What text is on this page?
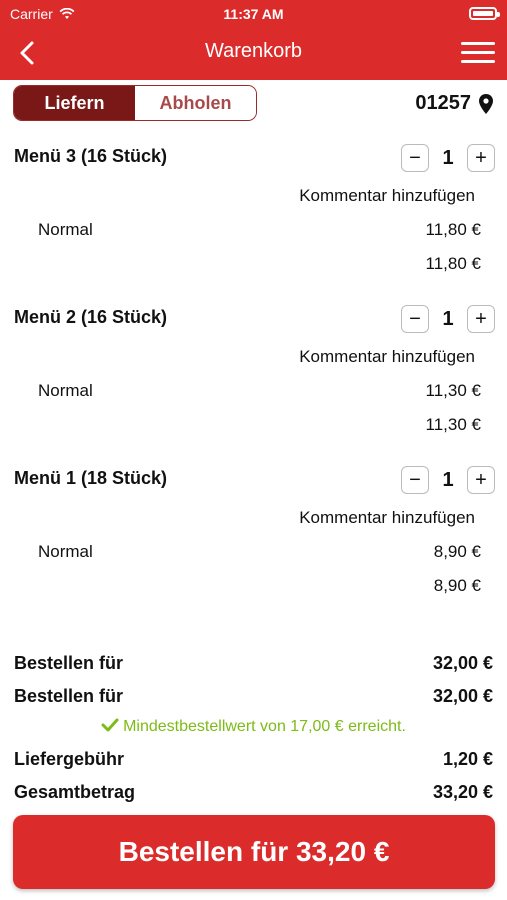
Carrier	11:37 AM
Warenkorb
Liefern	Abholen	01257
Menü 3 (16 Stück)	−	1	+
Kommentar hinzufügen
Normal	11,80 €
11,80 €
Menü 2 (16 Stück)	−	1	+
Kommentar hinzufügen
Normal	11,30 €
11,30 €
Menü 1 (18 Stück)	−	1	+
Kommentar hinzufügen
Normal	8,90 €
8,90 €
Bestellen für	32,00 €
Bestellen für	32,00 €
Mindestbestellwert von 17,00 € erreicht.
Liefergebühr	1,20 €
Gesamtbetrag	33,20 €
Bestellen für 33,20 €
